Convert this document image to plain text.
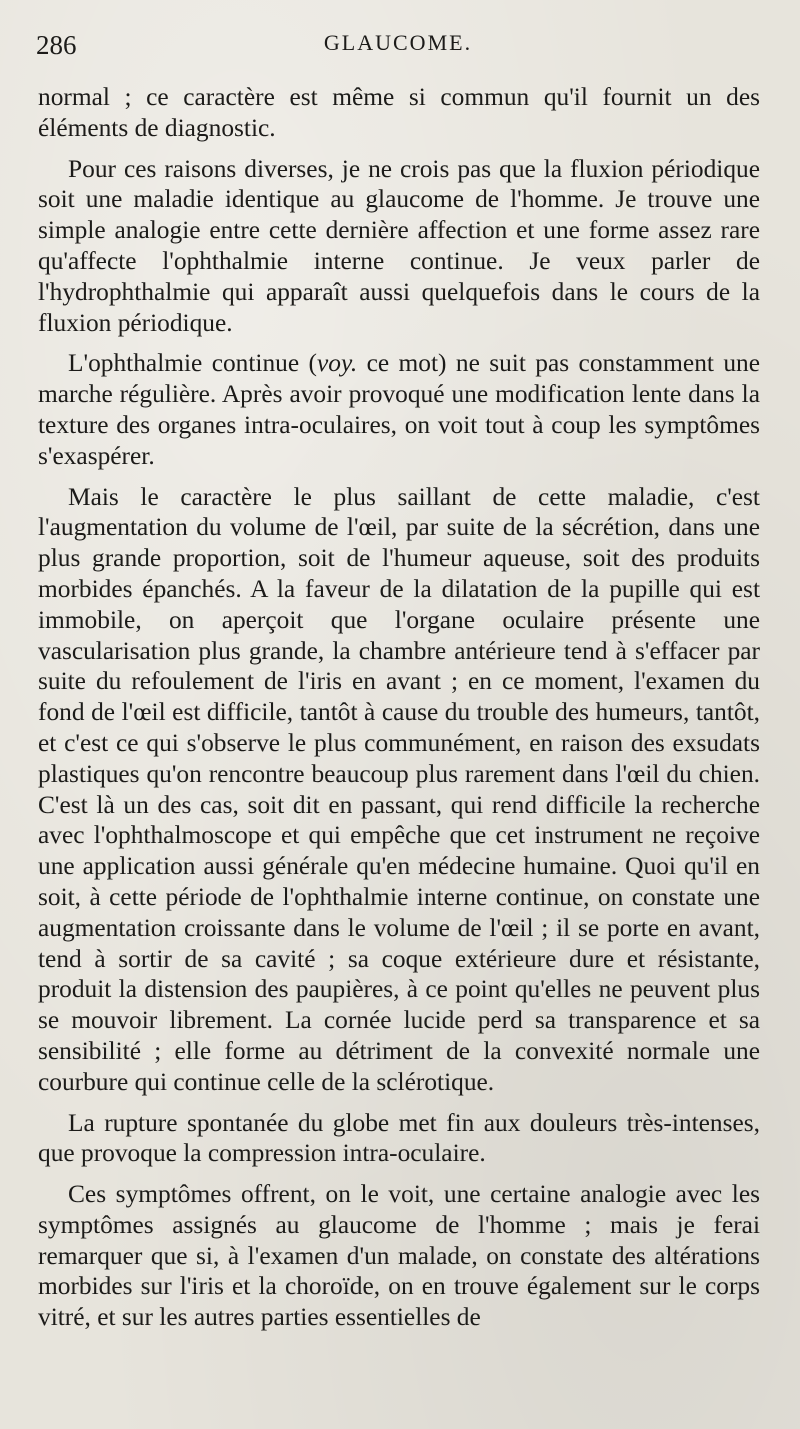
286	GLAUCOME.

normal ; ce caractère est même si commun qu'il fournit un des éléments de diagnostic.

Pour ces raisons diverses, je ne crois pas que la fluxion périodique soit une maladie identique au glaucome de l'homme. Je trouve une simple analogie entre cette dernière affection et une forme assez rare qu'affecte l'ophthalmie interne continue. Je veux parler de l'hydrophthalmie qui apparaît aussi quelquefois dans le cours de la fluxion périodique.

L'ophthalmie continue (voy. ce mot) ne suit pas constamment une marche régulière. Après avoir provoqué une modification lente dans la texture des organes intra-oculaires, on voit tout à coup les symptômes s'exaspérer.

Mais le caractère le plus saillant de cette maladie, c'est l'augmentation du volume de l'œil, par suite de la sécrétion, dans une plus grande proportion, soit de l'humeur aqueuse, soit des produits morbides épanchés. A la faveur de la dilatation de la pupille qui est immobile, on aperçoit que l'organe oculaire présente une vascularisation plus grande, la chambre antérieure tend à s'effacer par suite du refoulement de l'iris en avant ; en ce moment, l'examen du fond de l'œil est difficile, tantôt à cause du trouble des humeurs, tantôt, et c'est ce qui s'observe le plus communément, en raison des exsudats plastiques qu'on rencontre beaucoup plus rarement dans l'œil du chien. C'est là un des cas, soit dit en passant, qui rend difficile la recherche avec l'ophthalmoscope et qui empêche que cet instrument ne reçoive une application aussi générale qu'en médecine humaine. Quoi qu'il en soit, à cette période de l'ophthalmie interne continue, on constate une augmentation croissante dans le volume de l'œil ; il se porte en avant, tend à sortir de sa cavité ; sa coque extérieure dure et résistante, produit la distension des paupières, à ce point qu'elles ne peuvent plus se mouvoir librement. La cornée lucide perd sa transparence et sa sensibilité ; elle forme au détriment de la convexité normale une courbure qui continue celle de la sclérotique.

La rupture spontanée du globe met fin aux douleurs très-intenses, que provoque la compression intra-oculaire.

Ces symptômes offrent, on le voit, une certaine analogie avec les symptômes assignés au glaucome de l'homme ; mais je ferai remarquer que si, à l'examen d'un malade, on constate des altérations morbides sur l'iris et la choroïde, on en trouve également sur le corps vitré, et sur les autres parties essentielles de
